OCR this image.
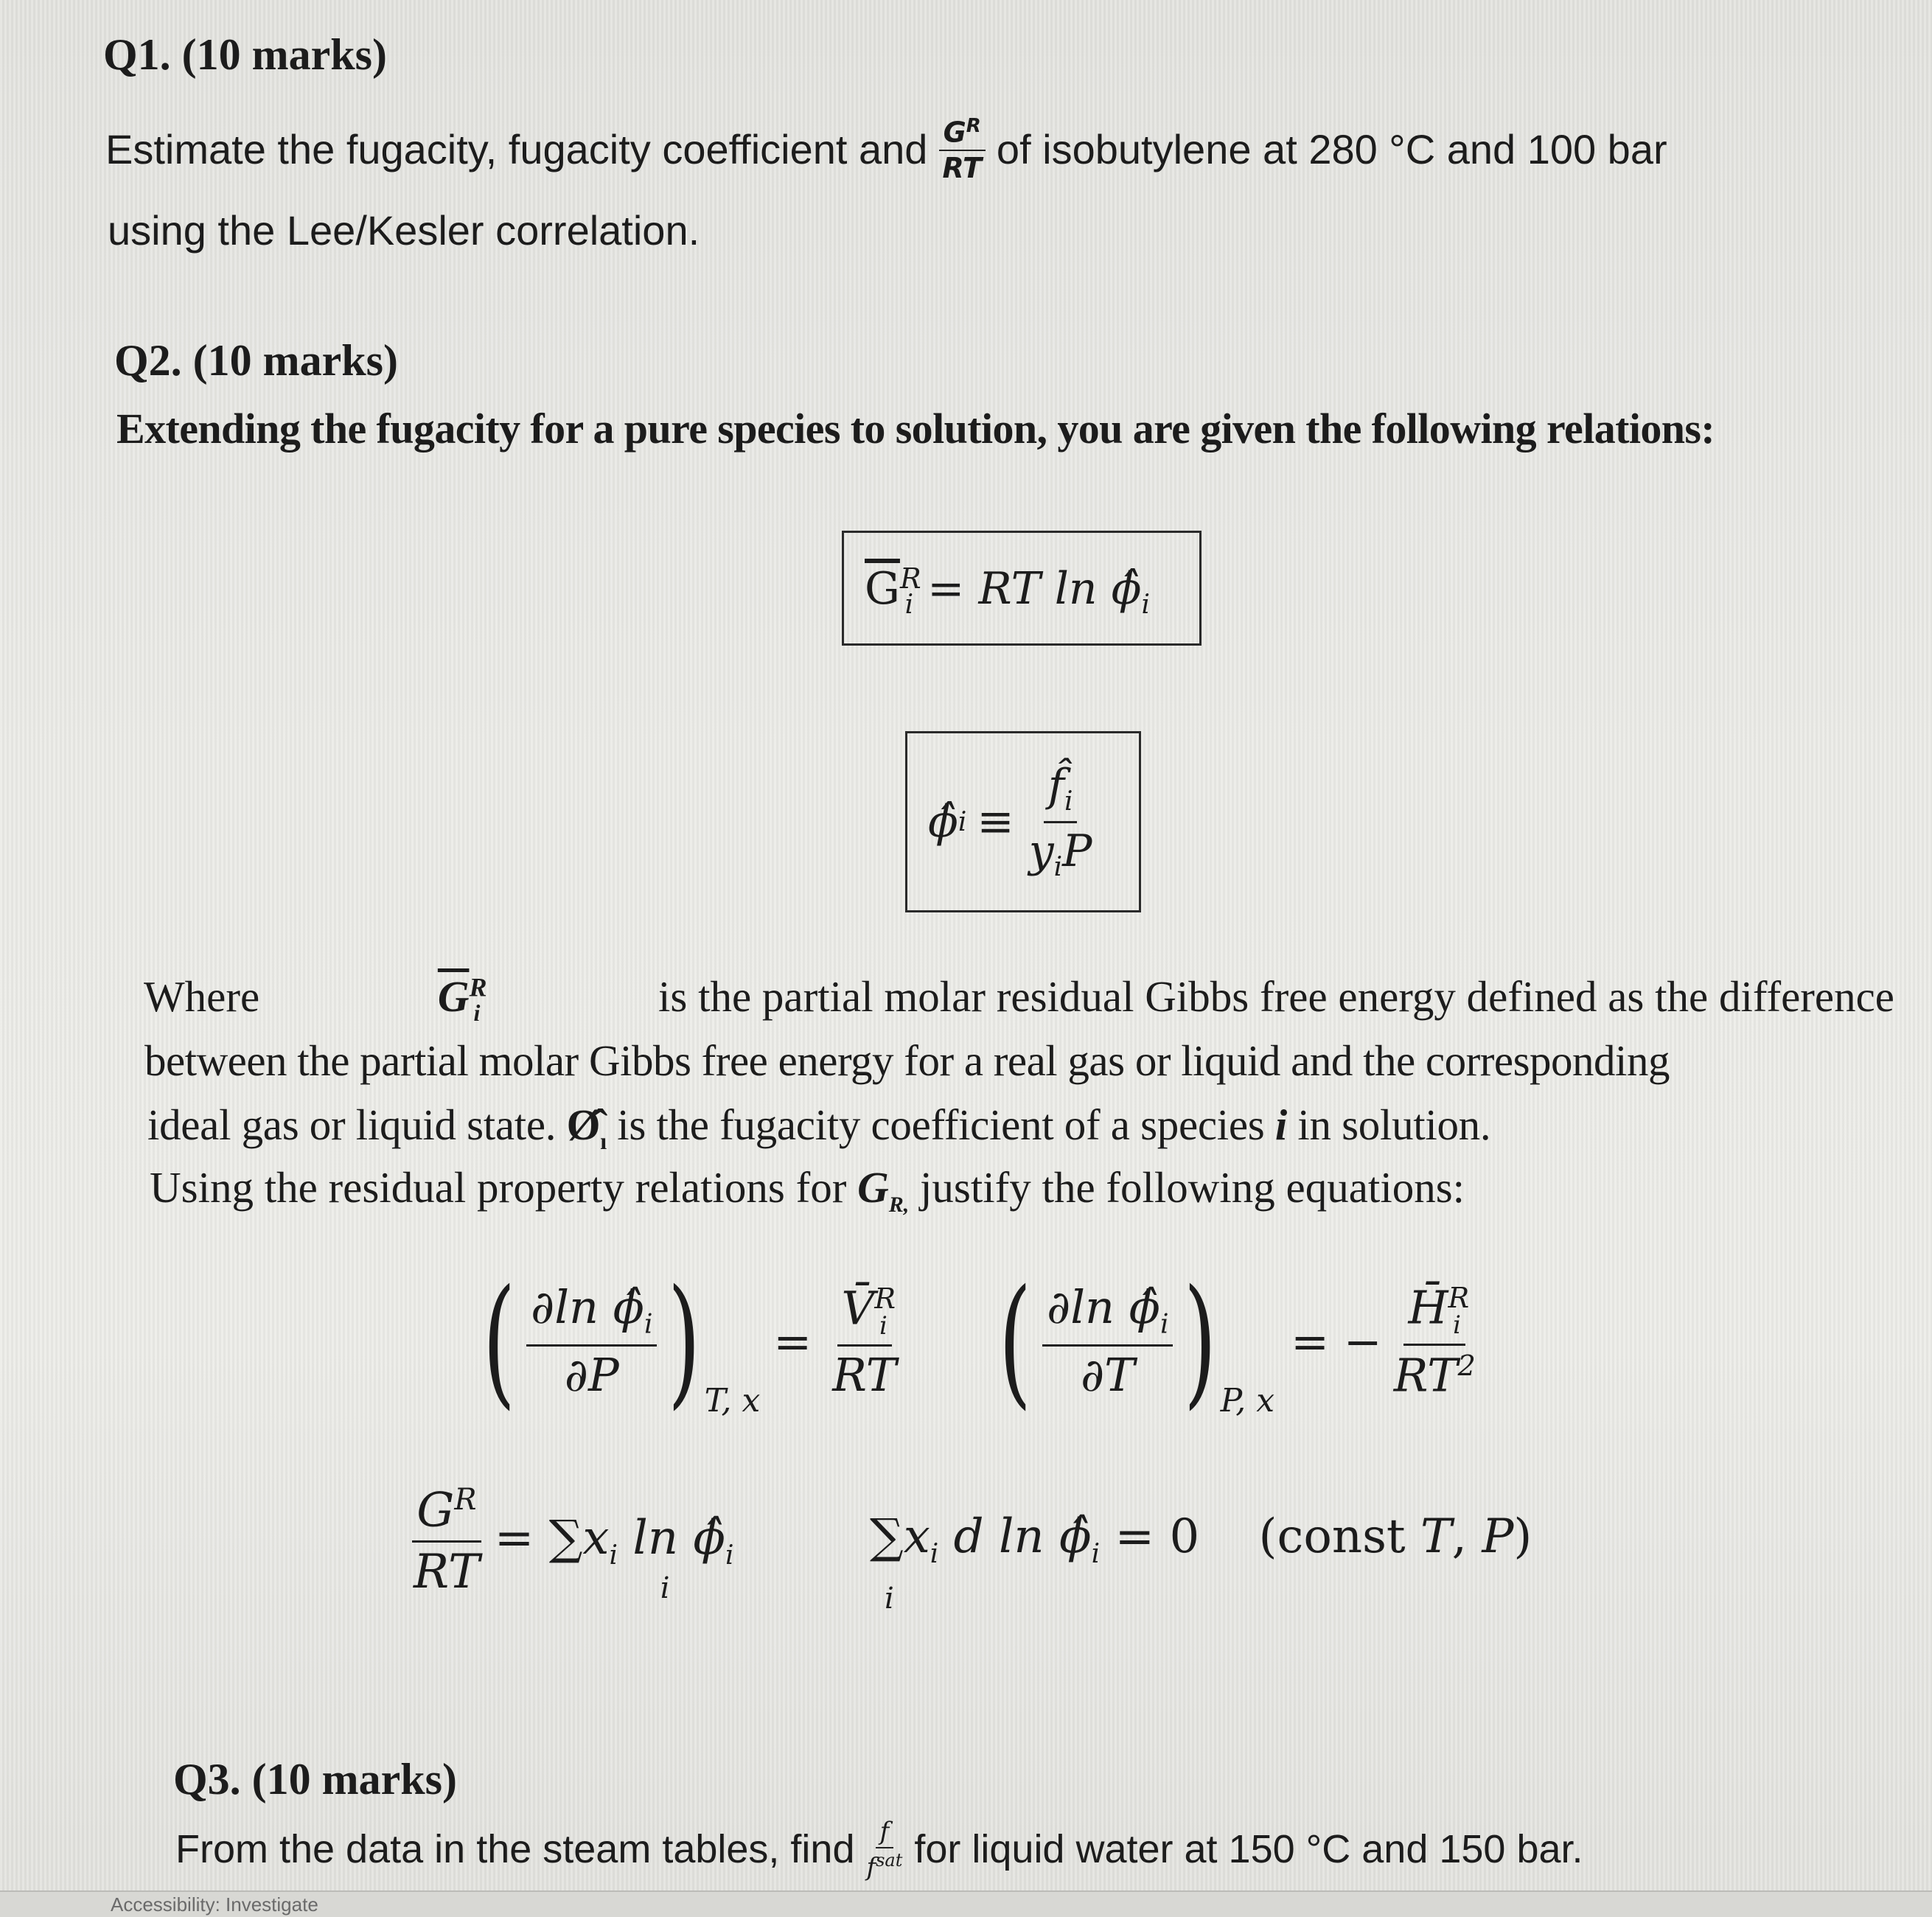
Q1. (10 marks)
Estimate the fugacity, fugacity coefficient and $\frac{G^R}{RT}$ of isobutylene at 280 °C and 100 bar
using the Lee/Kesler correlation.
Q2. (10 marks)
Extending the fugacity for a pure species to solution, you are given the following relations:
$\overline{G}^R_i$ = RT $\ln \phî_i$
ϕ̂ $i \equiv \frac{f̂_i}{y_iP}$
Where	$\overline{G}^R_i$	is the partial molar residual Gibbs free energy defined as the difference
between the partial molar Gibbs free energy for a real gas or liquid and the corresponding
ideal gas or liquid state. $Ø̂_ı$ is the fugacity coefficient of a species i in solution.
Using the residual property relations for $G_{R,}$ justify the following equations:
( $\frac{\partial\ln \phî_i}{\partial P}$ ) T, x
= $\frac{V̄^R_i}{RT}$ ( $\frac{\partial\ln \phî_i}{\partial T}$ ) P, x
= − $\frac{H̄^R_i}{RT^2}$
$\frac{G^R}{RT} = \sum x_i$ $\ln \phî_i$
i
$\sum x_i$ d $\ln \phî_i = 0$
i
(const T, P)
Q3. (10 marks)
From the data in the steam tables, find $\frac{f}{f^{sat}}$ for liquid water at 150 °C and 150 bar.
Accessibility: Investigate
